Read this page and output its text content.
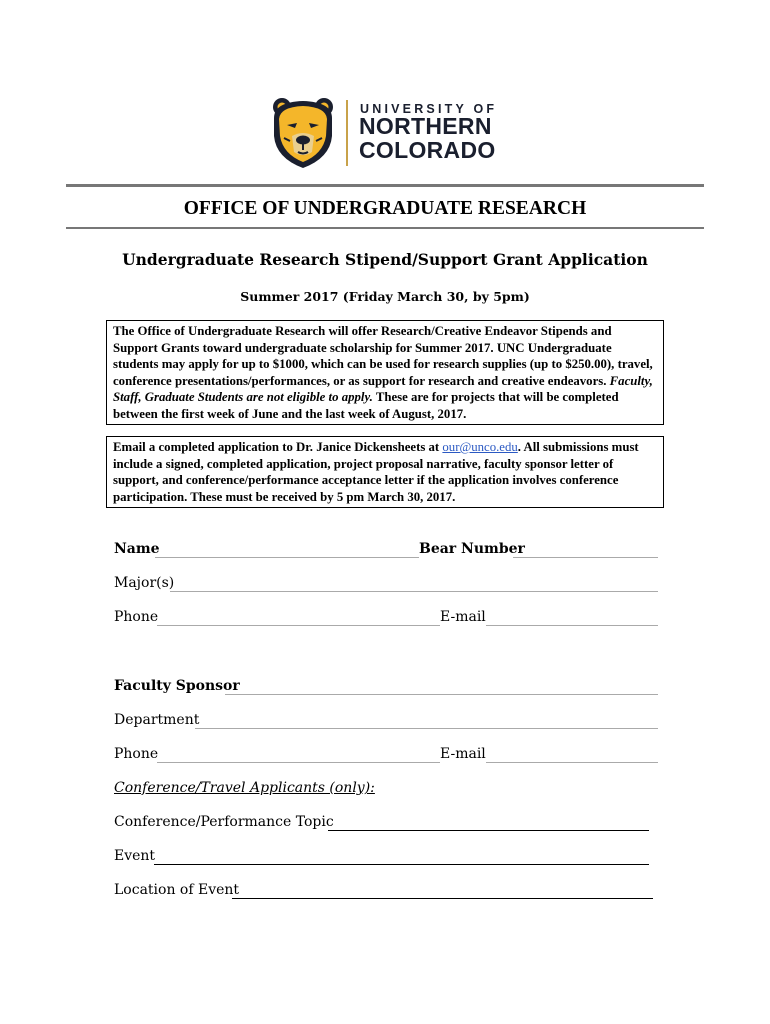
UNIVERSITY OF
NORTHERN
COLORADO
OFFICE OF UNDERGRADUATE RESEARCH
Undergraduate Research Stipend/Support Grant Application
Summer 2017 (Friday March 30, by 5pm)
The Office of Undergraduate Research will offer Research/Creative Endeavor Stipends and Support Grants toward undergraduate scholarship for Summer 2017. UNC Undergraduate students may apply for up to $1000, which can be used for research supplies (up to $250.00), travel, conference presentations/performances, or as support for research and creative endeavors. Faculty, Staff, Graduate Students are not eligible to apply. These are for projects that will be completed between the first week of June and the last week of August, 2017.
Email a completed application to Dr. Janice Dickensheets at our@unco.edu. All submissions must include a signed, completed application, project proposal narrative, faculty sponsor letter of support, and conference/performance acceptance letter if the application involves conference participation. These must be received by 5 pm March 30, 2017.
Name	Bear Number
Major(s)
Phone	E-mail
Faculty Sponsor
Department
Phone	E-mail
Conference/Travel Applicants (only):
Conference/Performance Topic
Event
Location of Event
